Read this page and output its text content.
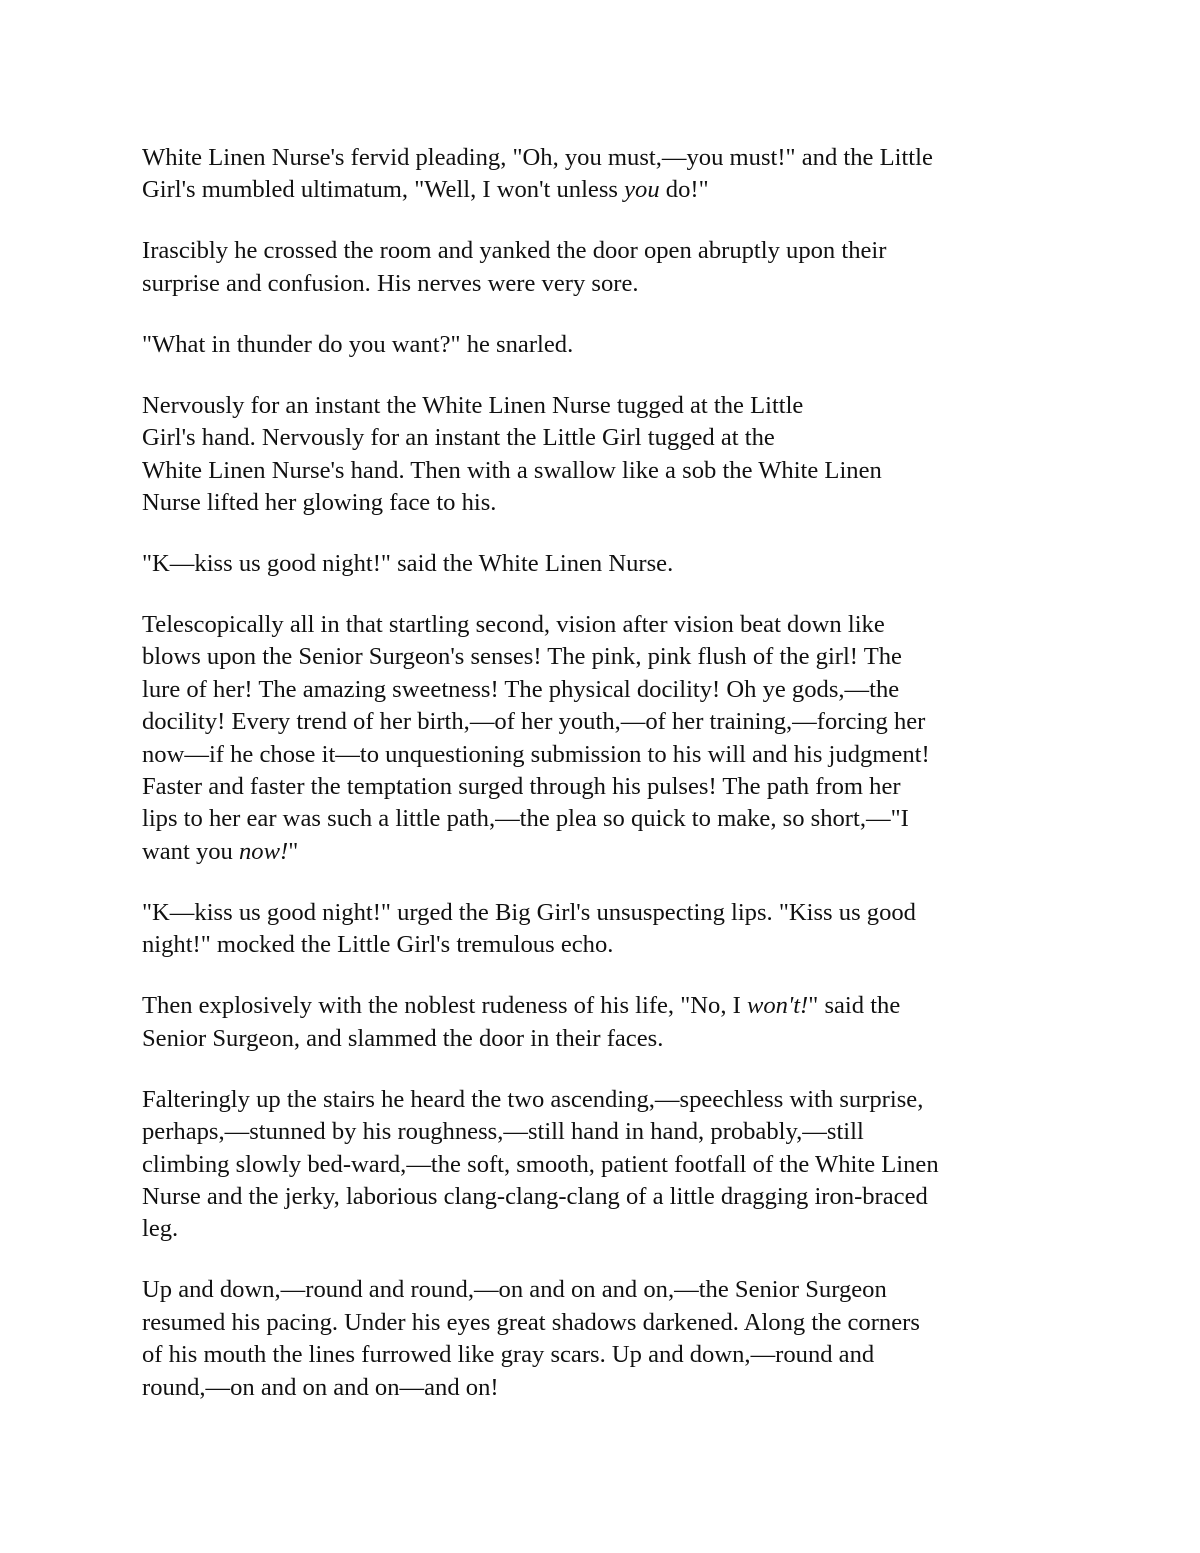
White Linen Nurse's fervid pleading, "Oh, you must,—you must!" and the Little
Girl's mumbled ultimatum, "Well, I won't unless you do!"

Irascibly he crossed the room and yanked the door open abruptly upon their
surprise and confusion. His nerves were very sore.

"What in thunder do you want?" he snarled.

Nervously for an instant the White Linen Nurse tugged at the Little
Girl's hand. Nervously for an instant the Little Girl tugged at the
White Linen Nurse's hand. Then with a swallow like a sob the White Linen
Nurse lifted her glowing face to his.

"K—kiss us good night!" said the White Linen Nurse.

Telescopically all in that startling second, vision after vision beat down like
blows upon the Senior Surgeon's senses! The pink, pink flush of the girl! The
lure of her! The amazing sweetness! The physical docility! Oh ye gods,—the
docility! Every trend of her birth,—of her youth,—of her training,—forcing her
now—if he chose it—to unquestioning submission to his will and his judgment!
Faster and faster the temptation surged through his pulses! The path from her
lips to her ear was such a little path,—the plea so quick to make, so short,—"I
want you now!"

"K—kiss us good night!" urged the Big Girl's unsuspecting lips. "Kiss us good
night!" mocked the Little Girl's tremulous echo.

Then explosively with the noblest rudeness of his life, "No, I won't!" said the
Senior Surgeon, and slammed the door in their faces.

Falteringly up the stairs he heard the two ascending,—speechless with surprise,
perhaps,—stunned by his roughness,—still hand in hand, probably,—still
climbing slowly bed-ward,—the soft, smooth, patient footfall of the White Linen
Nurse and the jerky, laborious clang-clang-clang of a little dragging iron-braced
leg.

Up and down,—round and round,—on and on and on,—the Senior Surgeon
resumed his pacing. Under his eyes great shadows darkened. Along the corners
of his mouth the lines furrowed like gray scars. Up and down,—round and
round,—on and on and on—and on!
